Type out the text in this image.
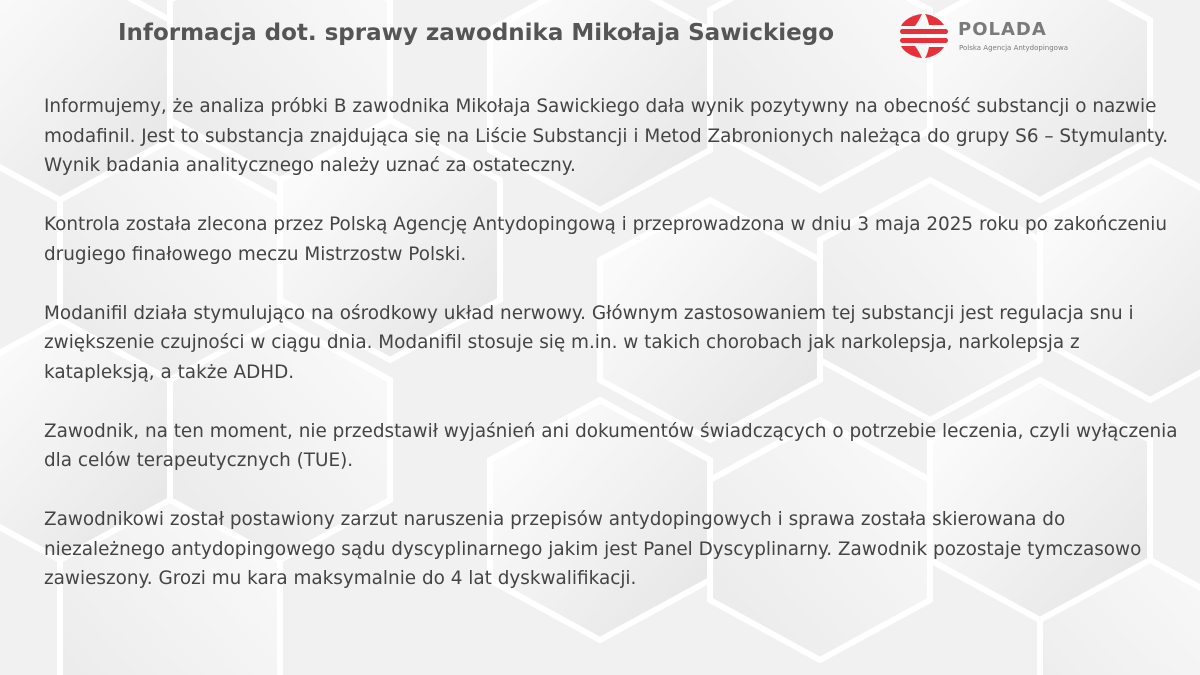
Informacja dot. sprawy zawodnika Mikołaja Sawickiego	POLADA
Polska Agencja Antydopingowa

Informujemy, że analiza próbki B zawodnika Mikołaja Sawickiego dała wynik pozytywny na obecność substancji o nazwie modafinil. Jest to substancja znajdująca się na Liście Substancji i Metod Zabronionych należąca do grupy S6 – Stymulanty. Wynik badania analitycznego należy uznać za ostateczny.

Kontrola została zlecona przez Polską Agencję Antydopingową i przeprowadzona w dniu 3 maja 2025 roku po zakończeniu drugiego finałowego meczu Mistrzostw Polski.

Modanifil działa stymulująco na ośrodkowy układ nerwowy. Głównym zastosowaniem tej substancji jest regulacja snu i zwiększenie czujności w ciągu dnia. Modanifil stosuje się m.in. w takich chorobach jak narkolepsja, narkolepsja z katapleksją, a także ADHD.

Zawodnik, na ten moment, nie przedstawił wyjaśnień ani dokumentów świadczących o potrzebie leczenia, czyli wyłączenia dla celów terapeutycznych (TUE).

Zawodnikowi został postawiony zarzut naruszenia przepisów antydopingowych i sprawa została skierowana do niezależnego antydopingowego sądu dyscyplinarnego jakim jest Panel Dyscyplinarny. Zawodnik pozostaje tymczasowo zawieszony. Grozi mu kara maksymalnie do 4 lat dyskwalifikacji.
